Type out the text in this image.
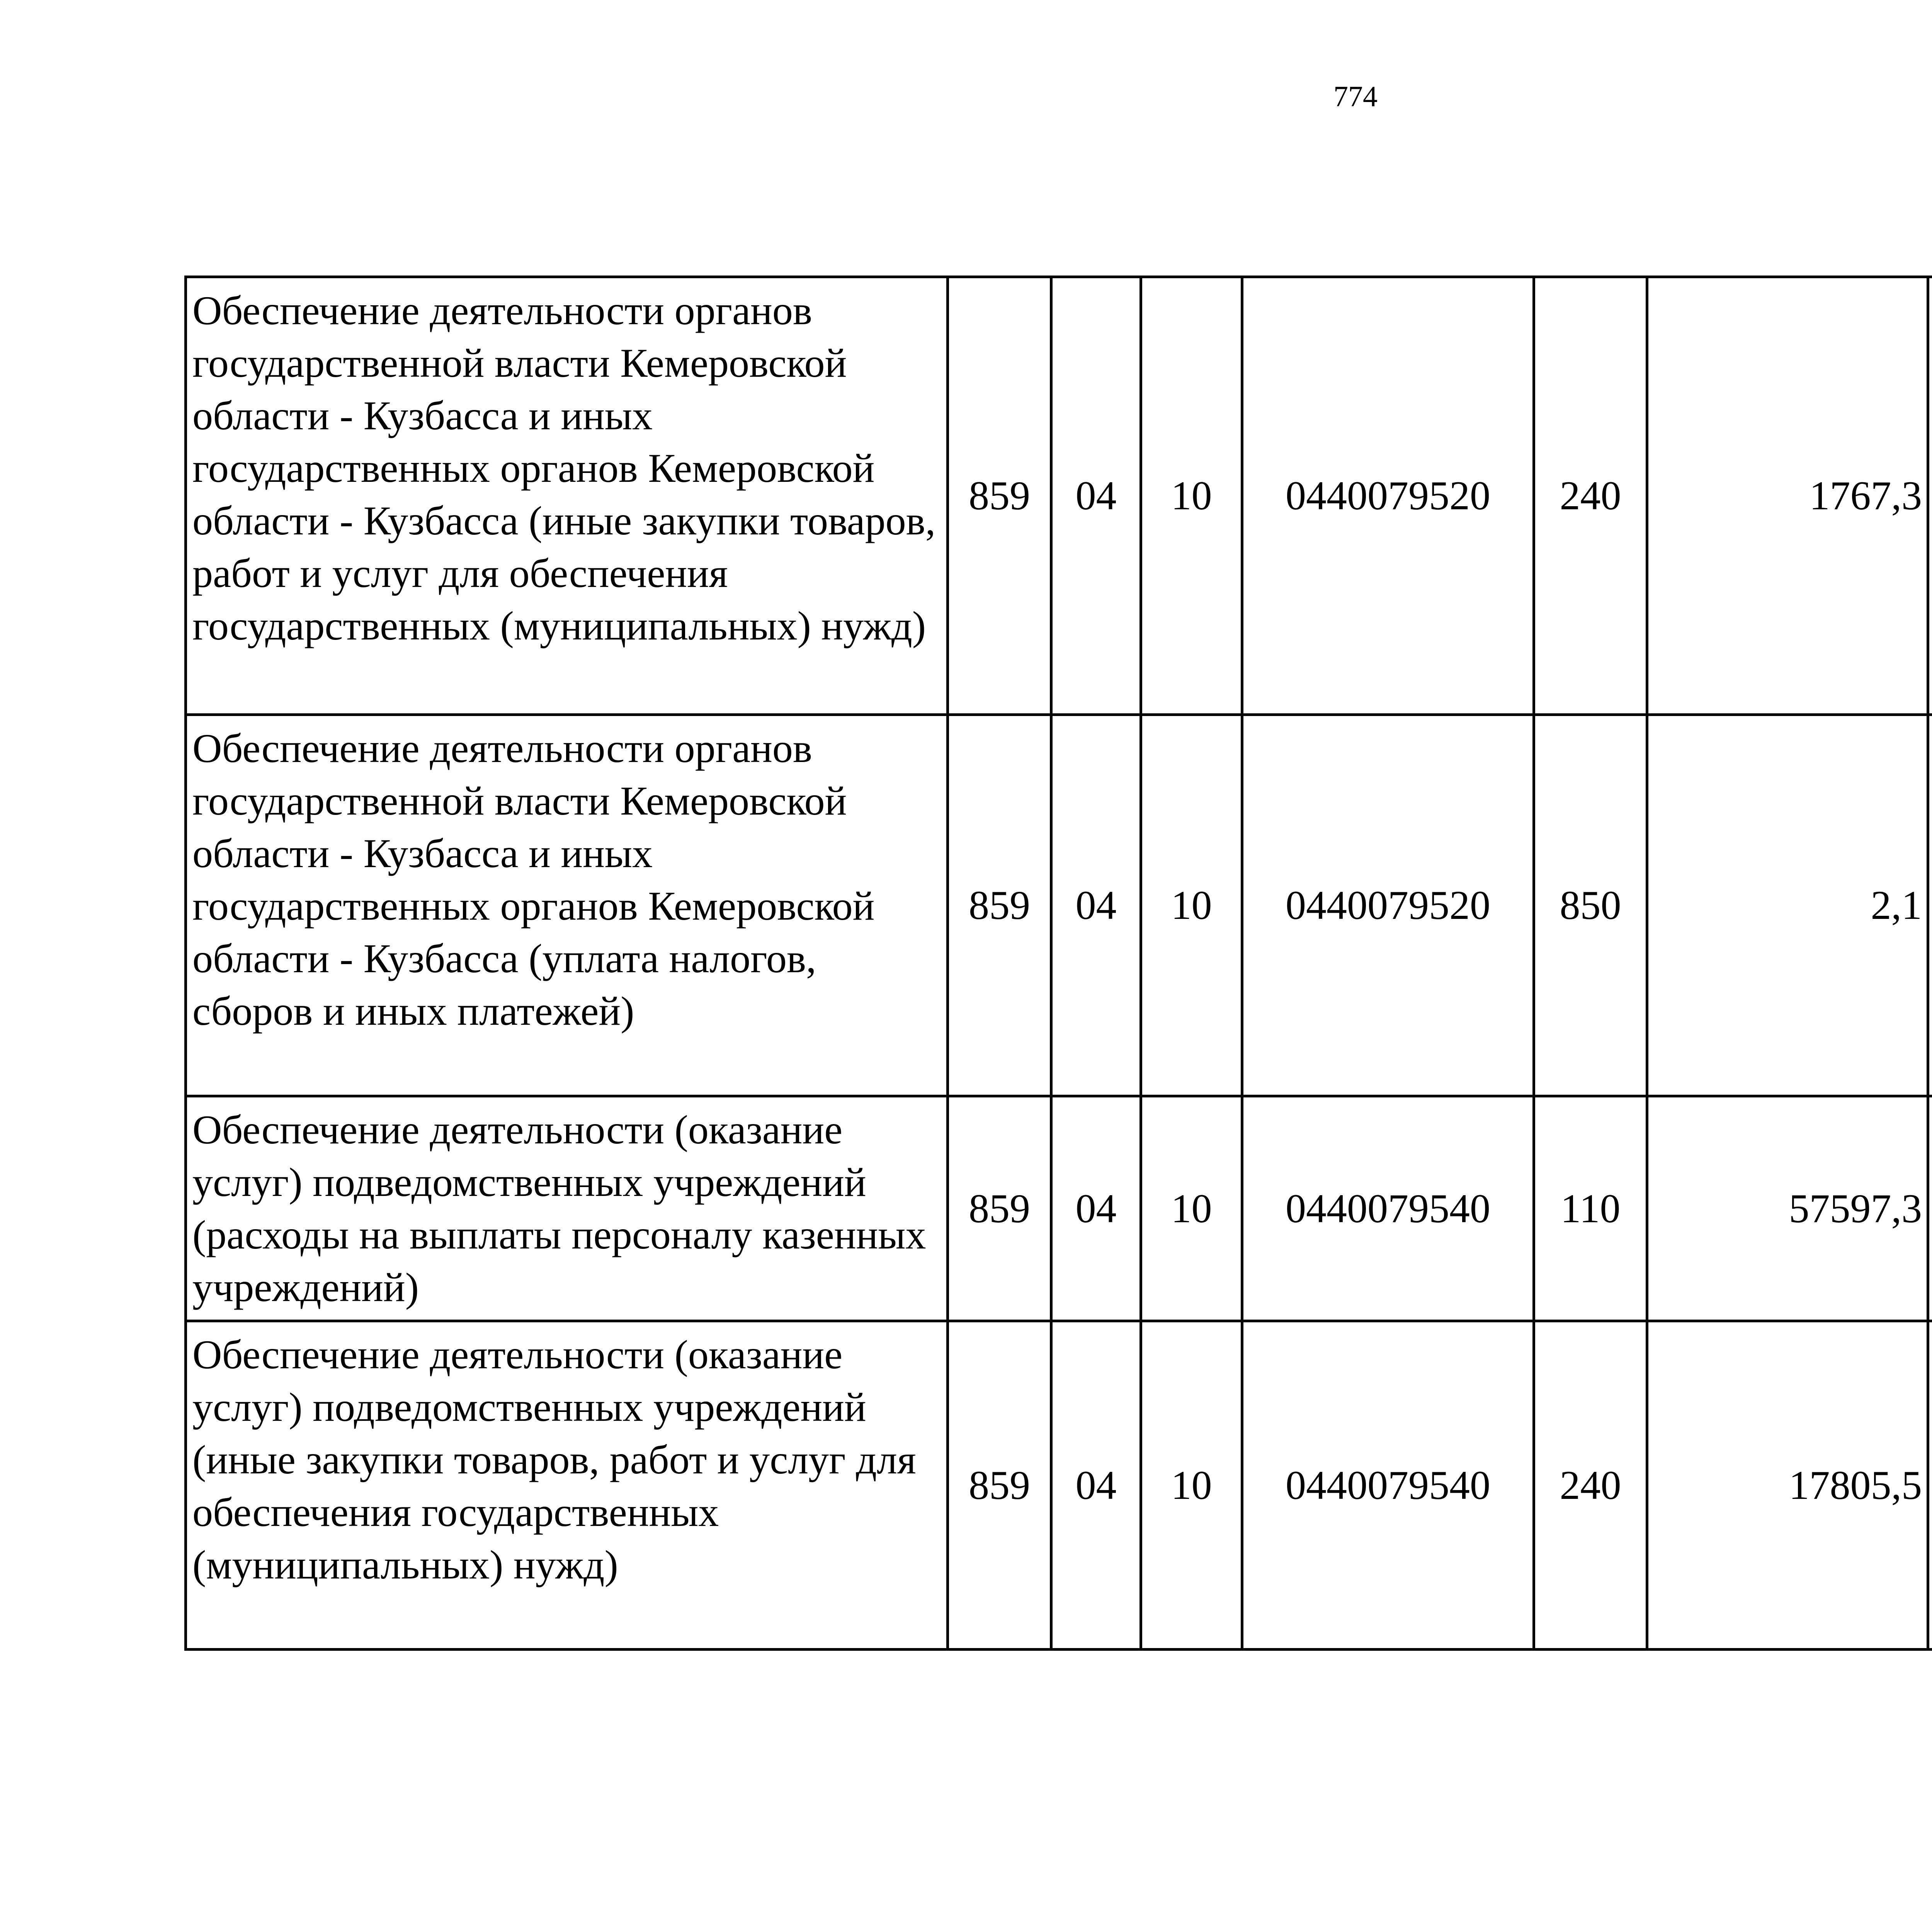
774
Обеспечение деятельности органов государственной власти Кемеровской области - Кузбасса и иных государственных органов Кемеровской области - Кузбасса (иные закупки товаров, работ и услуг для обеспечения государственных (муниципальных) нужд)	859	04	10	0440079520	240	1767,3		
Обеспечение деятельности органов государственной власти Кемеровской области - Кузбасса и иных государственных органов Кемеровской области - Кузбасса (уплата налогов, сборов и иных платежей)	859	04	10	0440079520	850	2,1		
Обеспечение деятельности (оказание услуг) подведомственных учреждений (расходы на выплаты персоналу казенных учреждений)	859	04	10	0440079540	110	57597,3		
Обеспечение деятельности (оказание услуг) подведомственных учреждений (иные закупки товаров, работ и услуг для обеспечения государственных (муниципальных) нужд)	859	04	10	0440079540	240	17805,5		
